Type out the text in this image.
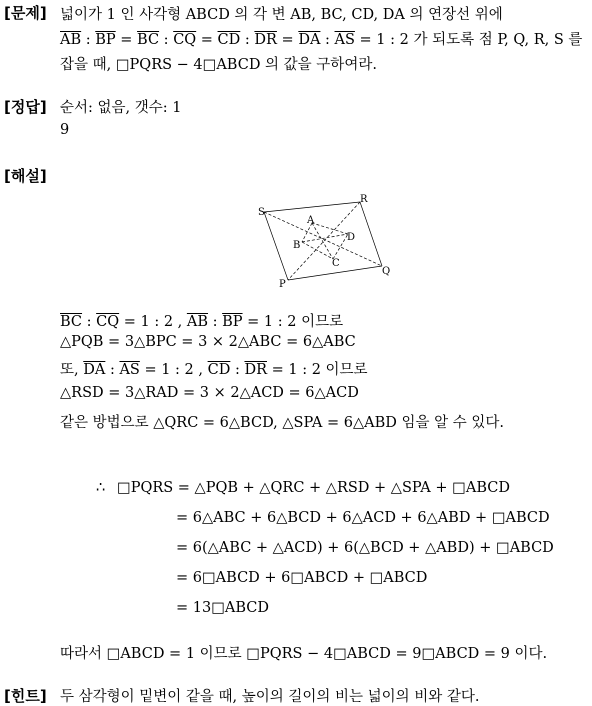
[문제] 넓이가 1 인 사각형 ABCD 의 각 변 AB, BC, CD, DA 의 연장선 위에
$\overline{AB}$ : $\overline{BP} = \overline{BC}$ : $\overline{CQ} = \overline{CD}$ : $\overline{DR} = \overline{DA}$ : $\overline{AS} = 1$ : 2 가 되도록 점 P, Q, R, S 를
잡을 때, □PQRS − 4□ABCD 의 값을 구하여라.
[정답] 순서: 없음, 갯수: 1
9
[해설]
S
A
R
B
D
C
P
Q
$\overline{BC}$ : $\overline{CQ} = 1$ : 2 , $\overline{AB}$ : $\overline{BP} = 1$ : 2 이므로
△PQB = 3△BPC = 3 × 2△ABC = 6△ABC
또, $\overline{DA}$ : $\overline{AS} = 1$ : 2 , $\overline{CD}$ : $\overline{DR} = 1$ : 2 이므로
△RSD = 3△RAD = 3 × 2△ACD = 6△ACD
같은 방법으로 △QRC = 6△BCD, △SPA = 6△ABD 임을 알 수 있다.
∴ □PQRS = △PQB + △QRC + △RSD + △SPA + □ABCD
= 6△ABC + 6△BCD + 6△ACD + 6△ABD + □ABCD
= 6(△ABC + △ACD) + 6(△BCD + △ABD) + □ABCD
= 6□ABCD + 6□ABCD + □ABCD
= 13□ABCD
따라서 □ABCD = 1 이므로 □PQRS − 4□ABCD = 9□ABCD = 9 이다.
[힌트] 두 삼각형이 밑변이 같을 때, 높이의 길이의 비는 넓이의 비와 같다.
